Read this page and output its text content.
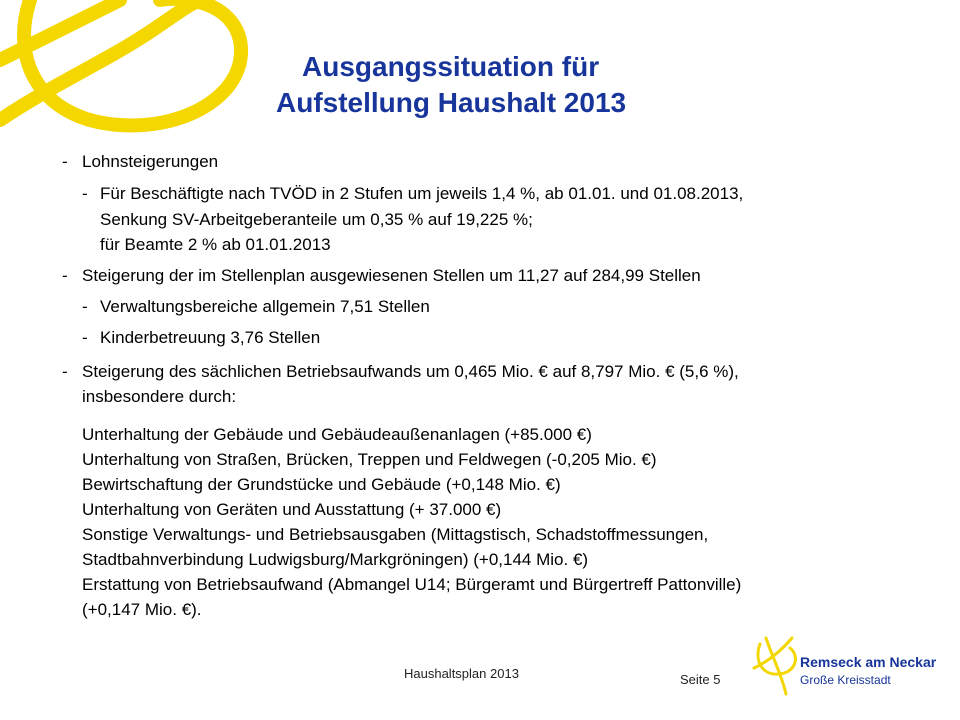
Ausgangssituation für
Aufstellung Haushalt 2013
- Lohnsteigerungen
- Für Beschäftigte nach TVÖD in 2 Stufen um jeweils 1,4 %, ab 01.01. und 01.08.2013,
Senkung SV-Arbeitgeberanteile um 0,35 % auf 19,225 %;
für Beamte 2 % ab 01.01.2013
- Steigerung der im Stellenplan ausgewiesenen Stellen um 11,27 auf 284,99 Stellen
- Verwaltungsbereiche allgemein 7,51 Stellen
- Kinderbetreuung 3,76 Stellen
- Steigerung des sächlichen Betriebsaufwands um 0,465 Mio. € auf 8,797 Mio. € (5,6 %),
insbesondere durch:
Unterhaltung der Gebäude und Gebäudeaußenanlagen (+85.000 €)
Unterhaltung von Straßen, Brücken, Treppen und Feldwegen (-0,205 Mio. €)
Bewirtschaftung der Grundstücke und Gebäude (+0,148 Mio. €)
Unterhaltung von Geräten und Ausstattung (+ 37.000 €)
Sonstige Verwaltungs- und Betriebsausgaben (Mittagstisch, Schadstoffmessungen,
Stadtbahnverbindung Ludwigsburg/Markgröningen) (+0,144 Mio. €)
Erstattung von Betriebsaufwand (Abmangel U14; Bürgeramt und Bürgertreff Pattonville)
(+0,147 Mio. €).
Haushaltsplan 2013	Seite 5
Remseck am Neckar
Große Kreisstadt
